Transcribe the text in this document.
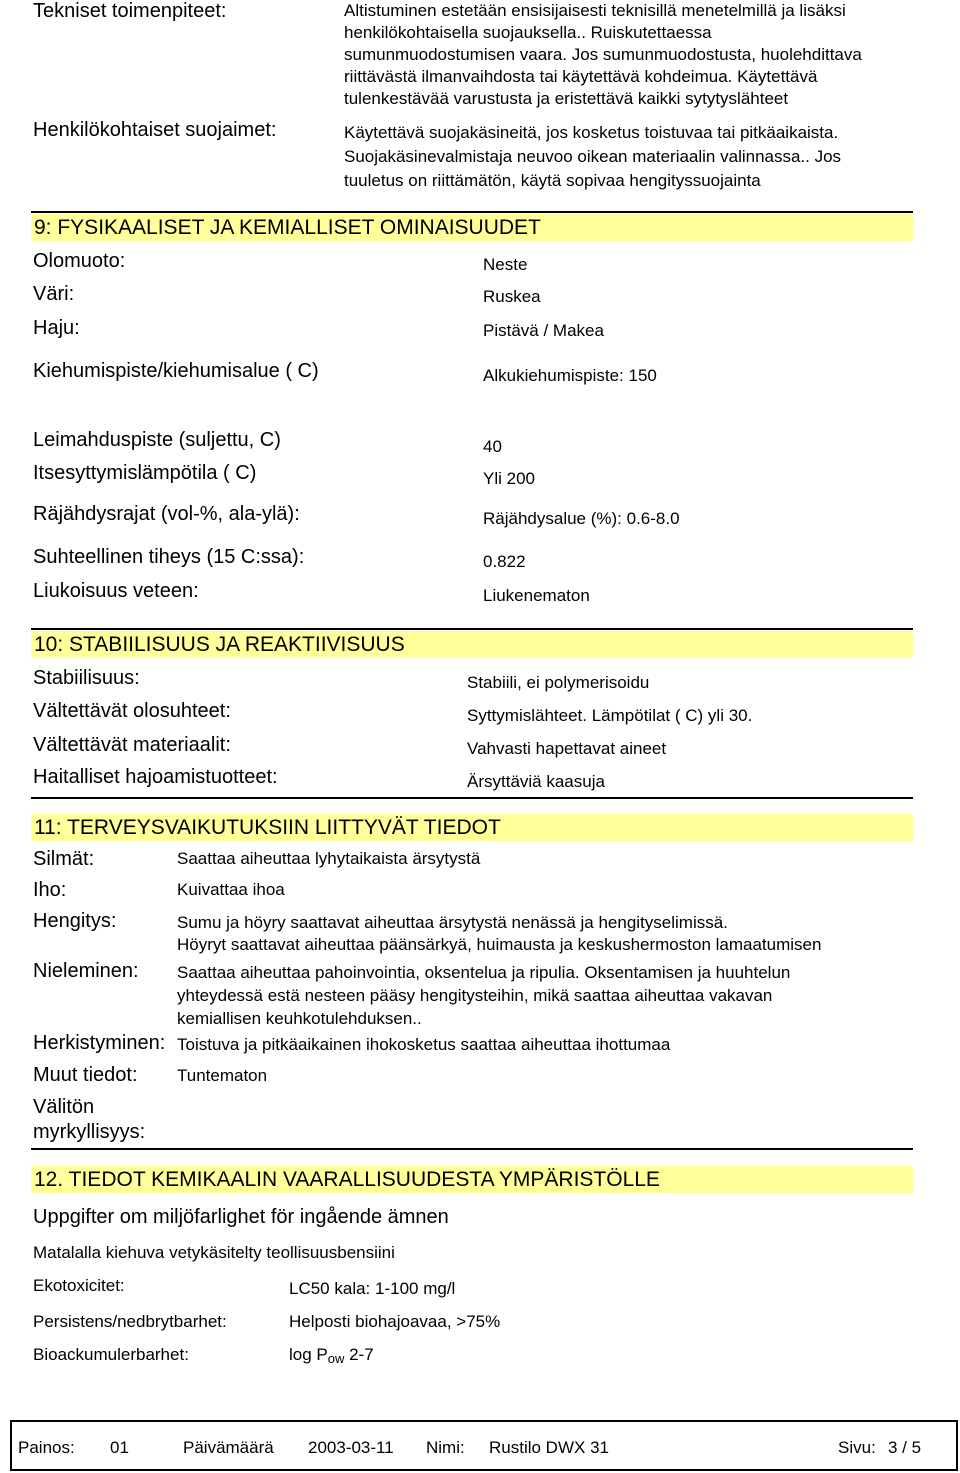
Tekniset toimenpiteet:	Altistuminen estetään ensisijaisesti teknisillä menetelmillä ja lisäksi
henkilökohtaisella suojauksella.. Ruiskutettaessa
sumunmuodostumisen vaara. Jos sumunmuodostusta, huolehdittava
riittävästä ilmanvaihdosta tai käytettävä kohdeimua. Käytettävä
tulenkestävää varustusta ja eristettävä kaikki sytytyslähteet
Henkilökohtaiset suojaimet:	Käytettävä suojakäsineitä, jos kosketus toistuvaa tai pitkäaikaista.
Suojakäsinevalmistaja neuvoo oikean materiaalin valinnassa.. Jos
tuuletus on riittämätön, käytä sopivaa hengityssuojainta
9: FYSIKAALISET JA KEMIALLISET OMINAISUUDET
Olomuoto:	Neste
Väri:	Ruskea
Haju:	Pistävä / Makea
Kiehumispiste/kiehumisalue ( C)	Alkukiehumispiste: 150
Leimahduspiste (suljettu, C)	40
Itsesyttymislämpötila ( C)	Yli 200
Räjähdysrajat (vol-%, ala-ylä):	Räjähdysalue (%): 0.6-8.0
Suhteellinen tiheys (15 C:ssa):	0.822
Liukoisuus veteen:	Liukenematon
10: STABIILISUUS JA REAKTIIVISUUS
Stabiilisuus:	Stabiili, ei polymerisoidu
Vältettävät olosuhteet:	Syttymislähteet. Lämpötilat ( C) yli 30.
Vältettävät materiaalit:	Vahvasti hapettavat aineet
Haitalliset hajoamistuotteet:	Ärsyttäviä kaasuja
11: TERVEYSVAIKUTUKSIIN LIITTYVÄT TIEDOT
Silmät:	Saattaa aiheuttaa lyhytaikaista ärsytystä
Iho:	Kuivattaa ihoa
Hengitys:	Sumu ja höyry saattavat aiheuttaa ärsytystä nenässä ja hengityselimissä.
Höyryt saattavat aiheuttaa päänsärkyä, huimausta ja keskushermoston lamaatumisen
Nieleminen: Saattaa aiheuttaa pahoinvointia, oksentelua ja ripulia. Oksentamisen ja huuhtelun
yhteydessä estä nesteen pääsy hengitysteihin, mikä saattaa aiheuttaa vakavan
kemiallisen keuhkotulehduksen..
Herkistyminen: Toistuva ja pitkäaikainen ihokosketus saattaa aiheuttaa ihottumaa
Muut tiedot: Tuntematon
Välitön
myrkyllisyys:
12. TIEDOT KEMIKAALIN VAARALLISUUDESTA YMPÄRISTÖLLE
Uppgifter om miljöfarlighet för ingående ämnen
Matalalla kiehuva vetykäsitelty teollisuusbensiini
Ekotoxicitet:	LC50 kala: 1-100 mg/l
Persistens/nedbrytbarhet:	Helposti biohajoavaa, >75%
Bioackumulerbarhet:	$\log P_{ow}$ 2-7
Painos: 01	Päivämäärä 2003-03-11 Nimi: Rustilo DWX 31	Sivu: 3 / 5
